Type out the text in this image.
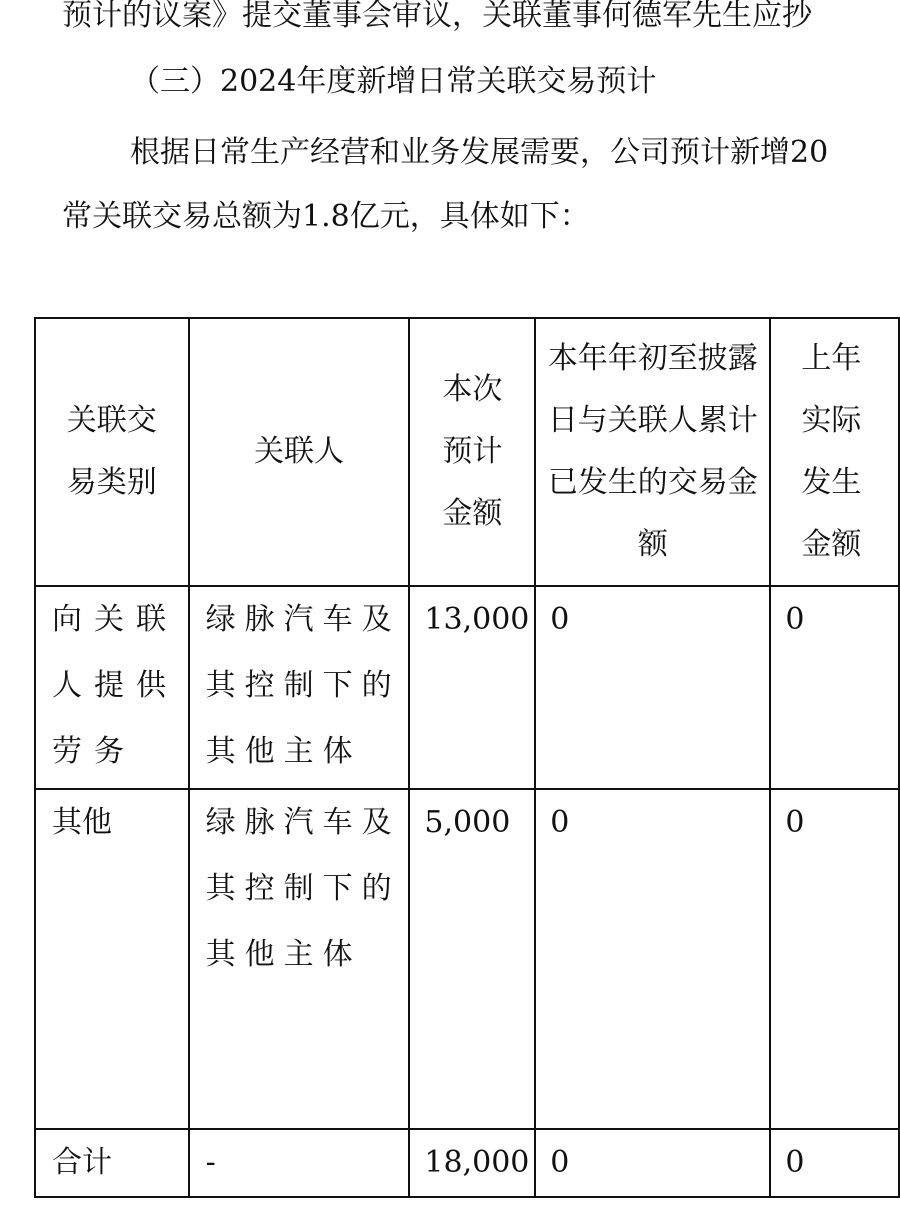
预计的议案》提交董事会审议，关联董事何德军先生应抄
（三）2024年度新增日常关联交易预计
根据日常生产经营和业务发展需要，公司预计新增20
常关联交易总额为1.8亿元，具体如下：
关联交易类别	关联人	本次预计金额	本年年初至披露日与关联人累计已发生的交易金额	上年实际发生金额

向关联人提供劳务	绿脉汽车及其控制下的其他主体	13,000	0	0

其他	绿脉汽车及其控制下的其他主体	5,000	0	0

合计	-	18,000	0	0
